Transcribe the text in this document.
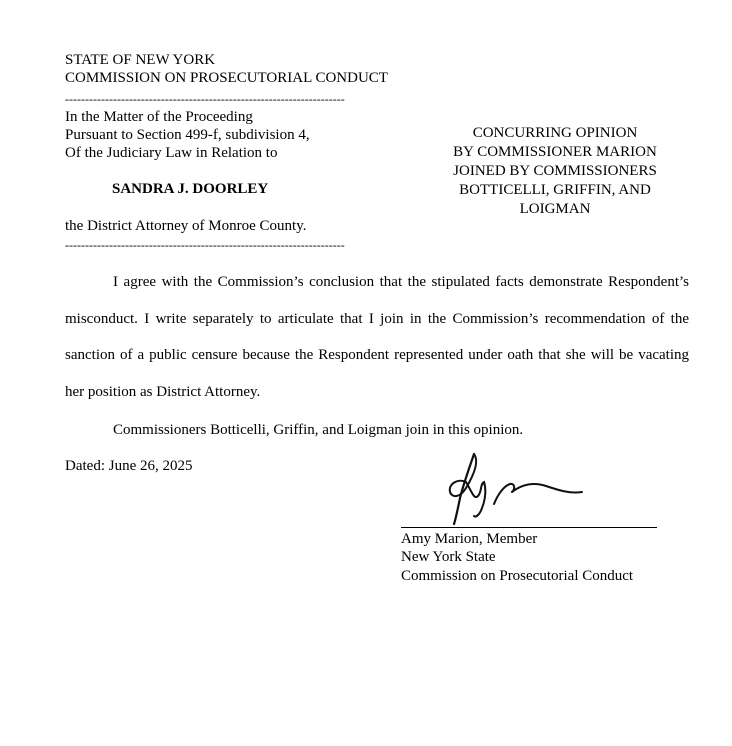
STATE OF NEW YORK
COMMISSION ON PROSECUTORIAL CONDUCT
----------------------------------------------------------------------
In the Matter of the Proceeding
Pursuant to Section 499-f, subdivision 4,
Of the Judiciary Law in Relation to
SANDRA J. DOORLEY
the District Attorney of Monroe County.
----------------------------------------------------------------------
CONCURRING OPINION
BY COMMISSIONER MARION
JOINED BY COMMISSIONERS
BOTTICELLI, GRIFFIN, AND
LOIGMAN

I agree with the Commission’s conclusion that the stipulated facts demonstrate Respondent’s misconduct. I write separately to articulate that I join in the Commission’s recommendation of the sanction of a public censure because the Respondent represented under oath that she will be vacating her position as District Attorney.

Commissioners Botticelli, Griffin, and Loigman join in this opinion.
Dated: June 26, 2025
Amy Marion, Member
New York State
Commission on Prosecutorial Conduct
